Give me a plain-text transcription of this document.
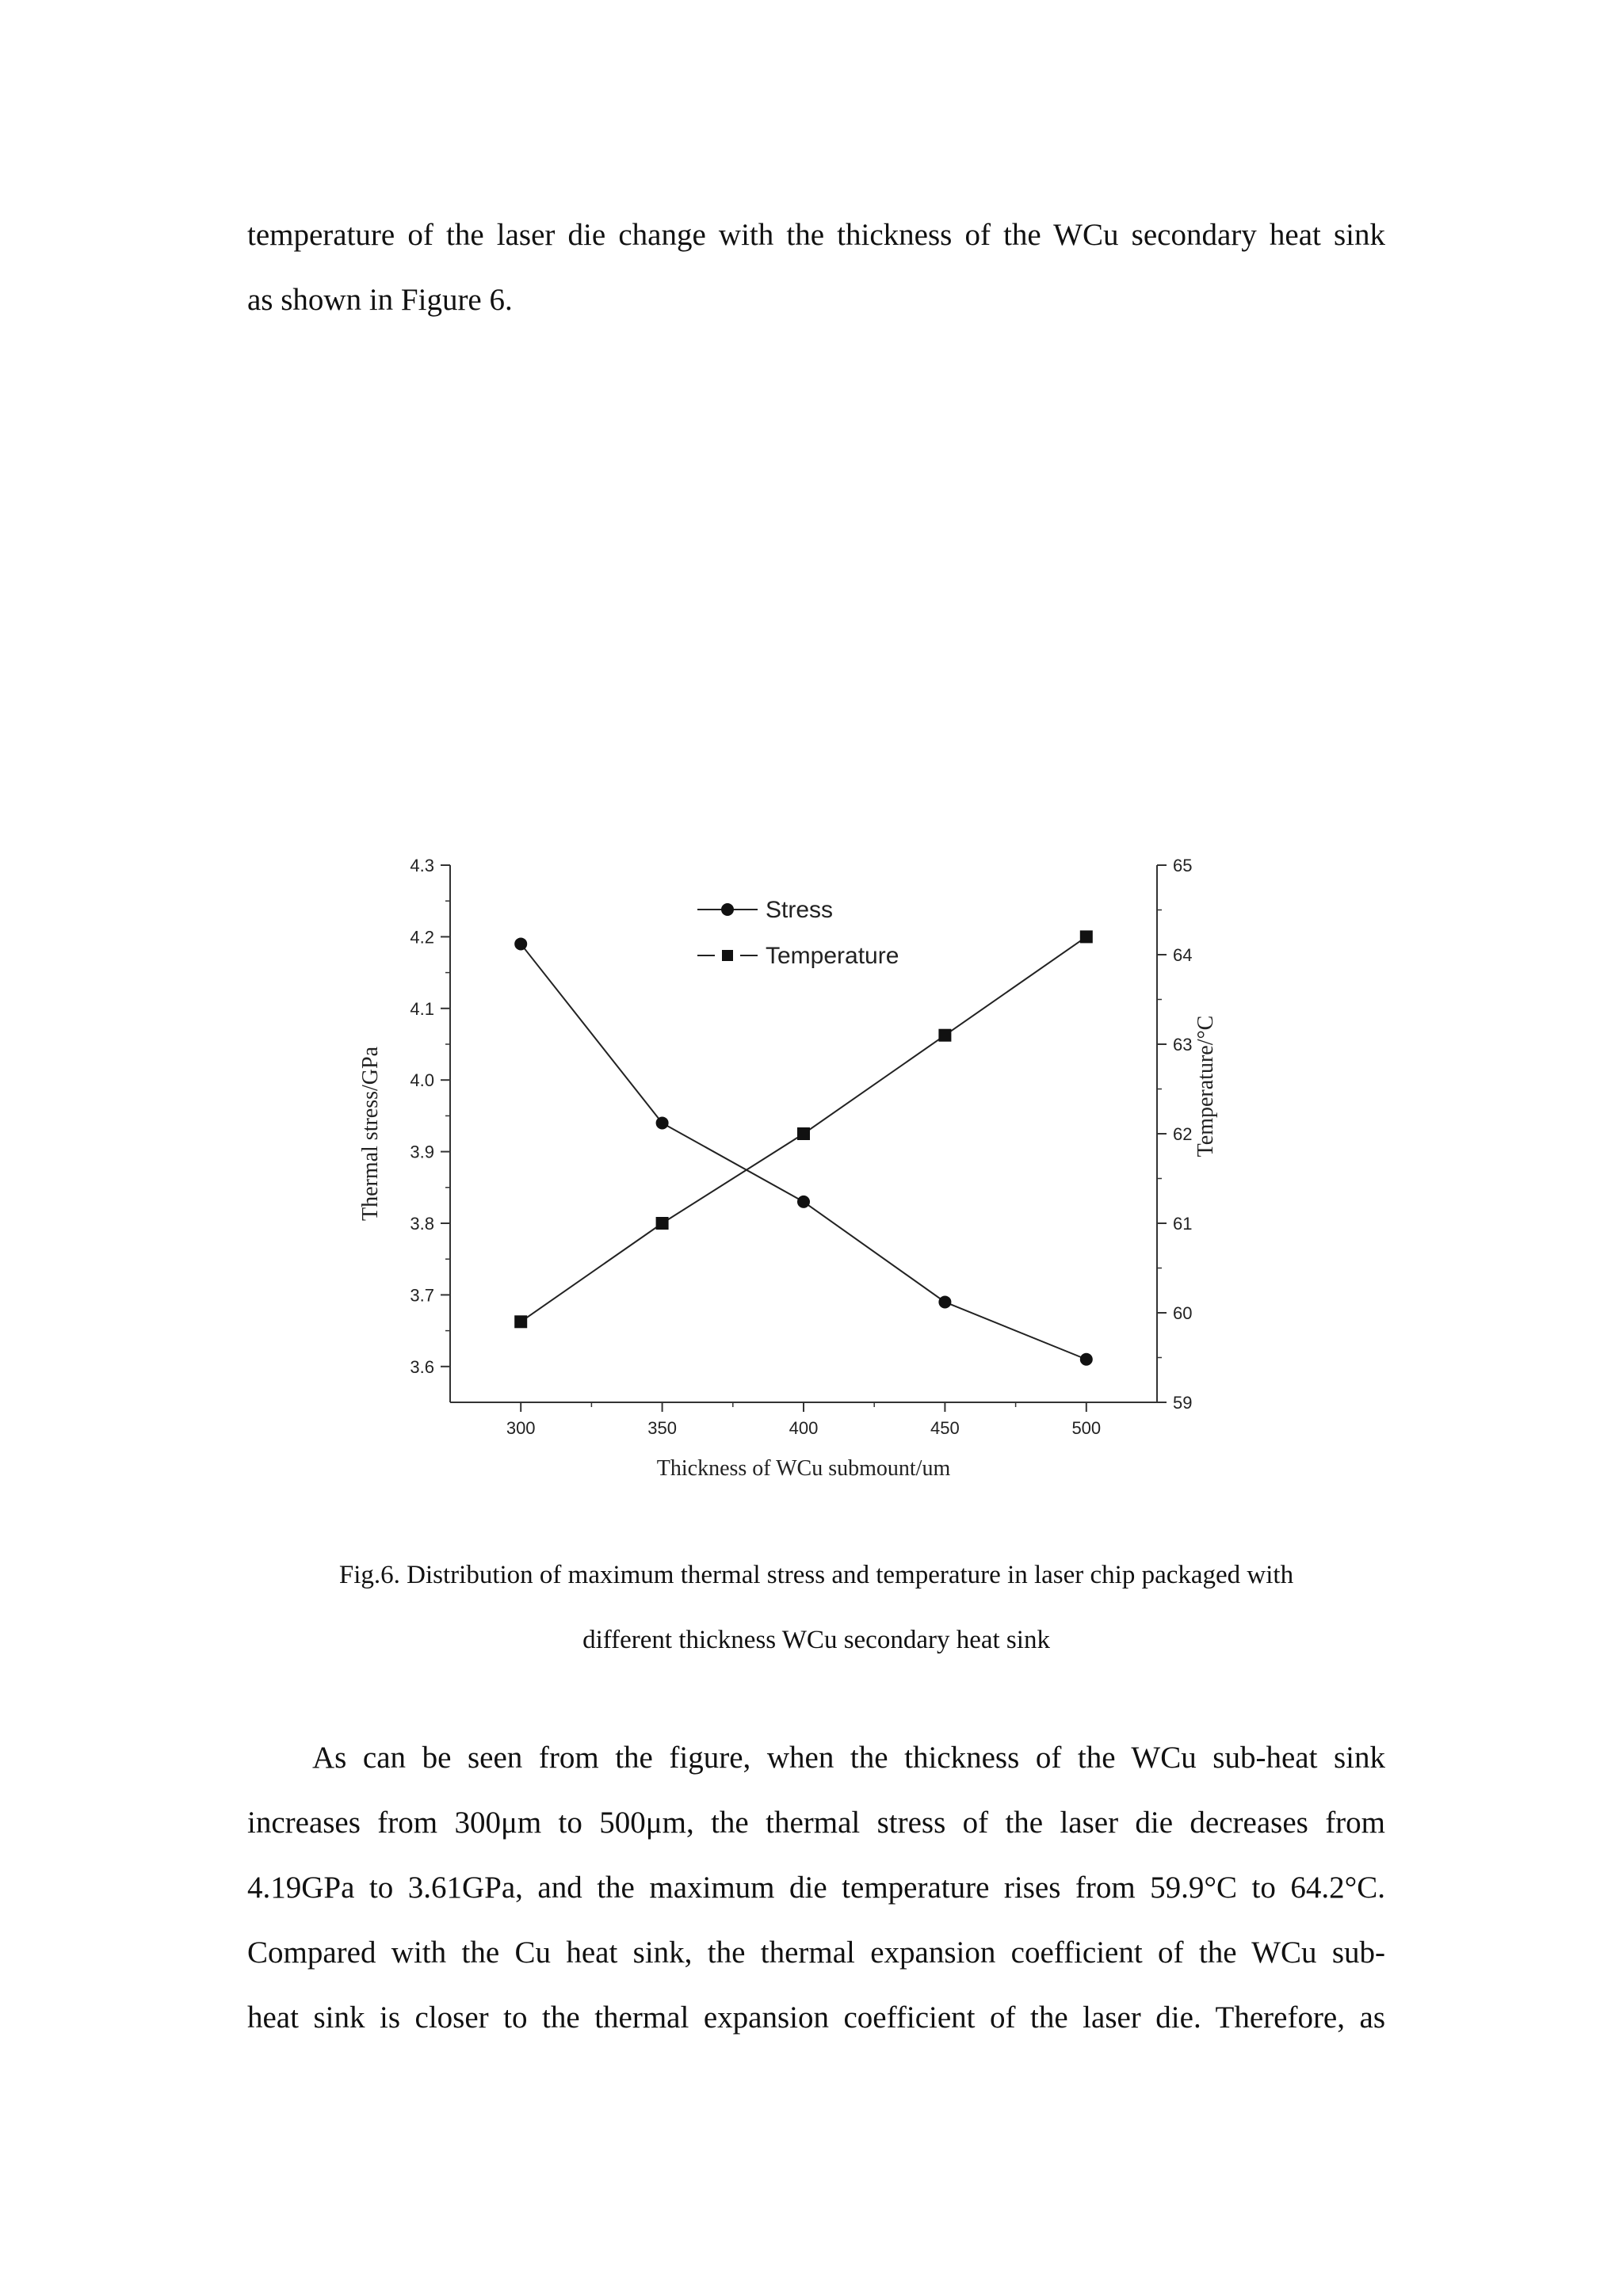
temperature of the laser die change with the thickness of the WCu secondary heat sink
as shown in Figure 6.
3.6
3.7
3.8
3.9
4.0
4.1
4.2
4.3
59
60
61
62
63
64
65
300	350	400	450	500
Thickness of WCu submount/um
Thermal stress/GPa	Temperature/°C
Stress
Temperature
Fig.6. Distribution of maximum thermal stress and temperature in laser chip packaged with
different thickness WCu secondary heat sink
As can be seen from the figure, when the thickness of the WCu sub-heat sink
increases from 300μm to 500μm, the thermal stress of the laser die decreases from
4.19GPa to 3.61GPa, and the maximum die temperature rises from 59.9°C to 64.2°C.
Compared with the Cu heat sink, the thermal expansion coefficient of the WCu sub-
heat sink is closer to the thermal expansion coefficient of the laser die. Therefore, as
